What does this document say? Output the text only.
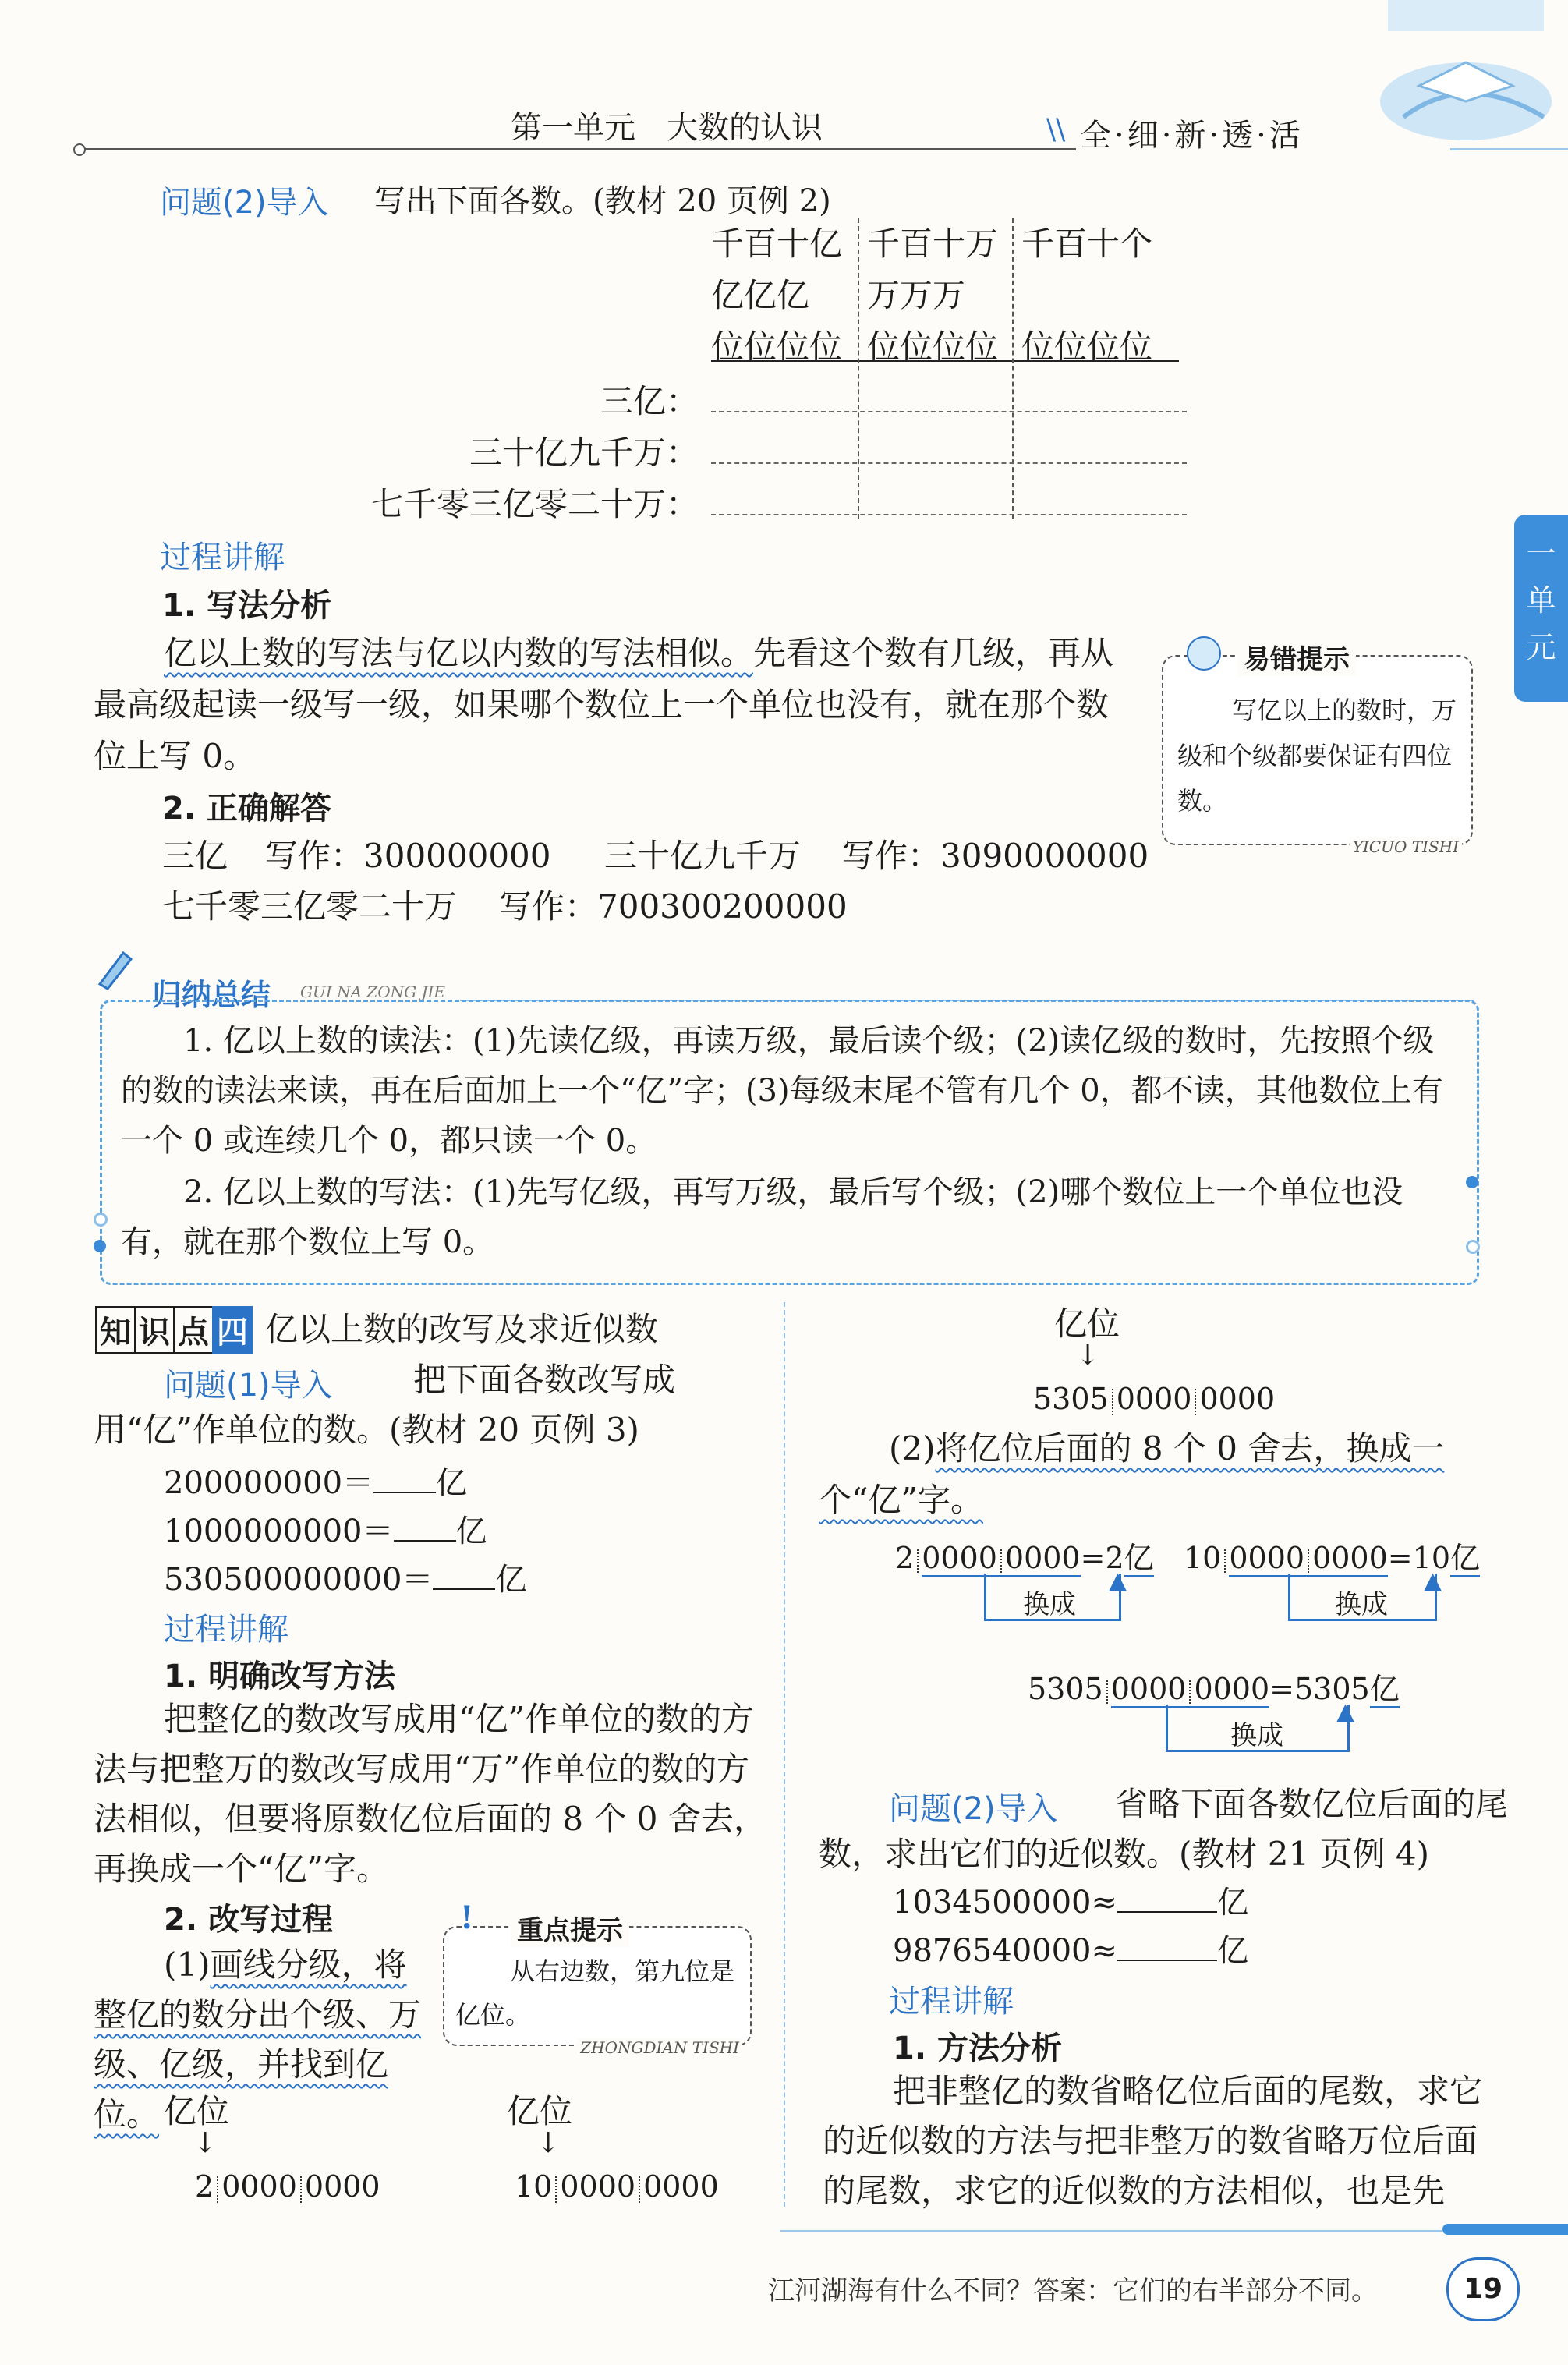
第一单元　大数的认识	\\ 全·细·新·透·活
一
单
元
问题(2)导入 写出下面各数。(教材 20 页例 2)
千百十亿 千百十万 千百十个
亿亿亿 万万万
位位位位 位位位位 位位位位
三亿：
三十亿九千万：
七千零三亿零二十万：
过程讲解
1. 写法分析
亿以上数的写法与亿以内数的写法相似。先看这个数有几级，再从最高级起读一级写一级，如果哪个数位上一个单位也没有，就在那个数位上写 0。
2. 正确解答
三亿 写作：300000000 三十亿九千万 写作：3090000000
七千零三亿零二十万 写作：700300200000
易错提示
写亿以上的数时，万级和个级都要保证有四位数。
YICUO TISHI
归纳总结 GUI NA ZONG JIE
1. 亿以上数的读法：(1)先读亿级，再读万级，最后读个级；(2)读亿级的数时，先按照个级的数的读法来读，再在后面加上一个“亿”字；(3)每级末尾不管有几个 0，都不读，其他数位上有一个 0 或连续几个 0，都只读一个 0。
2. 亿以上数的写法：(1)先写亿级，再写万级，最后写个级；(2)哪个数位上一个单位也没有，就在那个数位上写 0。
知 识 点 四 亿以上数的改写及求近似数
问题(1)导入	把下面各数改写成用“亿”作单位的数。(教材 20 页例 3)
200000000＝ 亿
1000000000＝ 亿
530500000000＝ 亿
过程讲解
1. 明确改写方法
把整亿的数改写成用“亿”作单位的数的方法与把整万的数改写成用“万”作单位的数的方法相似，但要将原数亿位后面的 8 个 0 舍去，再换成一个“亿”字。
2. 改写过程
(1)画线分级，将整亿的数分出个级、万级、亿级，并找到亿位。
! 重点提示
从右边数，第九位是亿位。
ZHONGDIAN TISHI
亿位
↓
2 0000 0000
亿位
↓
10 0000 0000
亿位
↓
5305 0000 0000
(2)将亿位后面的 8 个 0 舍去，换成一个“亿”字。
2 0000 0000=2亿
换成
▲
10 0000 0000=10亿
换成
▲
5305 0000 0000=5305亿
换成
▲
问题(2)导入	省略下面各数亿位后面的尾数，求出它们的近似数。(教材 21 页例 4)
1034500000≈	亿
9876540000≈	亿
过程讲解
1. 方法分析
把非整亿的数省略亿位后面的尾数，求它的近似数的方法与把非整万的数省略万位后面的尾数，求它的近似数的方法相似，也是先
江河湖海有什么不同？答案：它们的右半部分不同。	19
